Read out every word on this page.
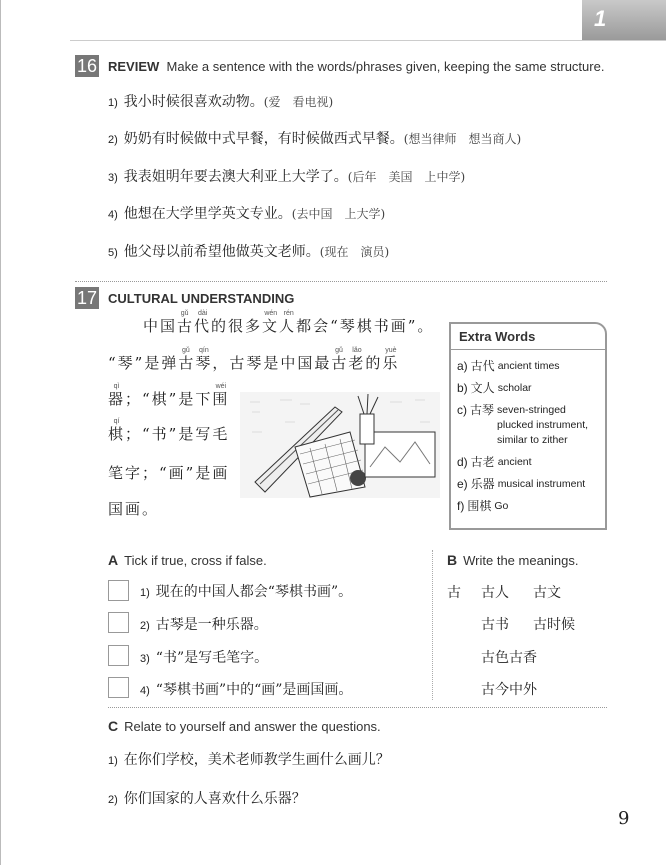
1
16 REVIEW Make a sentence with the words/phrases given, keeping the same structure.
1) 我小时候很喜欢动物。(爱　看电视)
2) 奶奶有时候做中式早餐，有时候做西式早餐。(想当律师　想当商人)
3) 我表姐明年要去澳大利亚上大学了。(后年　美国　上中学)
4) 他想在大学里学英文专业。(去中国　上大学)
5) 他父母以前希望他做英文老师。(现在　演员)
17 CULTURAL UNDERSTANDING
中国古代gǔ dài的很多文人wén rén都会“琴棋书画”。
“琴”是弹古琴gǔ qín，古琴是中国最古老gǔ lǎo的乐yuè
器qì；“棋”是下围wéi
棋qí；“书”是写毛
笔字；“画”是画
国画。
Extra Words
a) 古代 ancient times
b) 文人 scholar
c) 古琴 seven-stringed plucked instrument, similar to zither
d) 古老 ancient
e) 乐器 musical instrument
f) 围棋 Go
A Tick if true, cross if false.
1) 现在的中国人都会“琴棋书画”。
2) 古琴是一种乐器。
3) “书”是写毛笔字。
4) “琴棋书画”中的“画”是画国画。
B Write the meanings.
古 古人 古文
古书 古时候
古色古香
古今中外
C Relate to yourself and answer the questions.
1) 在你们学校，美术老师教学生画什么画儿？
2) 你们国家的人喜欢什么乐器？
9
